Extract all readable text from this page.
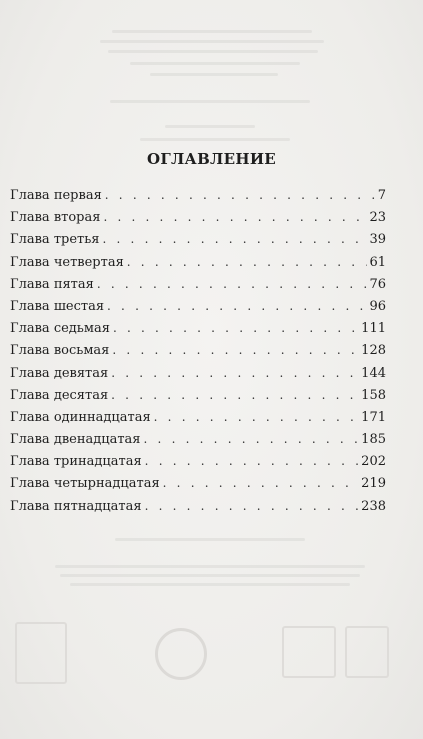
ОГЛАВЛЕНИЕ
Глава первая . . .	7
Глава вторая . . .	23
Глава третья . . .	39
Глава четвертая . . .	61
Глава пятая . . .	76
Глава шестая . . .	96
Глава седьмая . . .	111
Глава восьмая . . .	128
Глава девятая . . .	144
Глава десятая . . .	158
Глава одиннадцатая . . .	171
Глава двенадцатая . . .	185
Глава тринадцатая . . .	202
Глава четырнадцатая . . .	219
Глава пятнадцатая . . .	238
